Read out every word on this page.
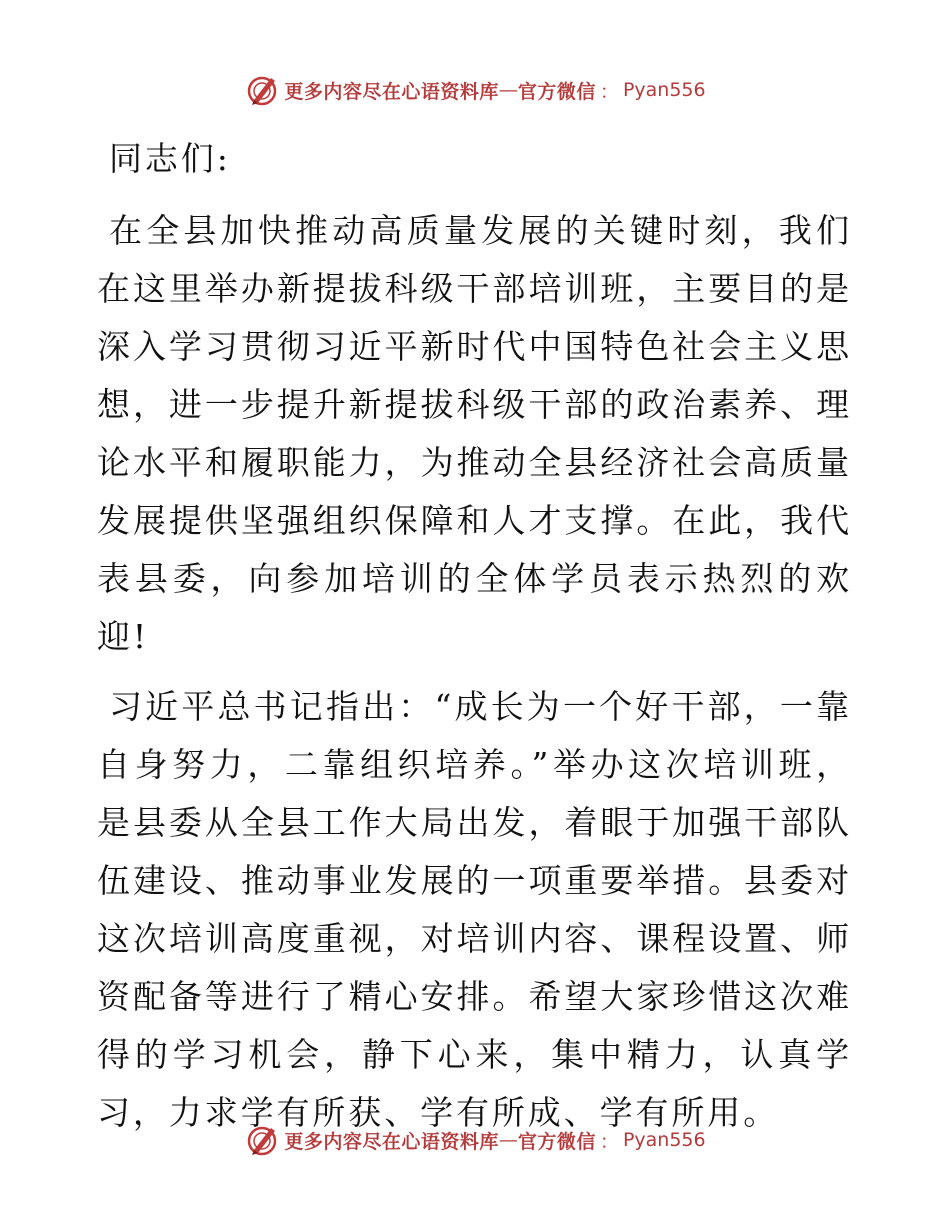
更多内容尽在心语资料库 — 官方微信 ： Pyan556

同志们:

在全县加快推动高质量发展的关键时刻，我们在这里举办新提拔科级干部培训班，主要目的是深入学习贯彻习近平新时代中国特色社会主义思想，进一步提升新提拔科级干部的政治素养、理论水平和履职能力，为推动全县经济社会高质量发展提供坚强组织保障和人才支撑。在此，我代表县委，向参加培训的全体学员表示热烈的欢迎!

习近平总书记指出：“成长为一个好干部，一靠自身努力，二靠组织培养。”举办这次培训班，是县委从全县工作大局出发，着眼于加强干部队伍建设、推动事业发展的一项重要举措。县委对这次培训高度重视，对培训内容、课程设置、师资配备等进行了精心安排。希望大家珍惜这次难得的学习机会，静下心来，集中精力，认真学习，力求学有所获、学有所成、学有所用。

更多内容尽在心语资料库 — 官方微信 ： Pyan556
